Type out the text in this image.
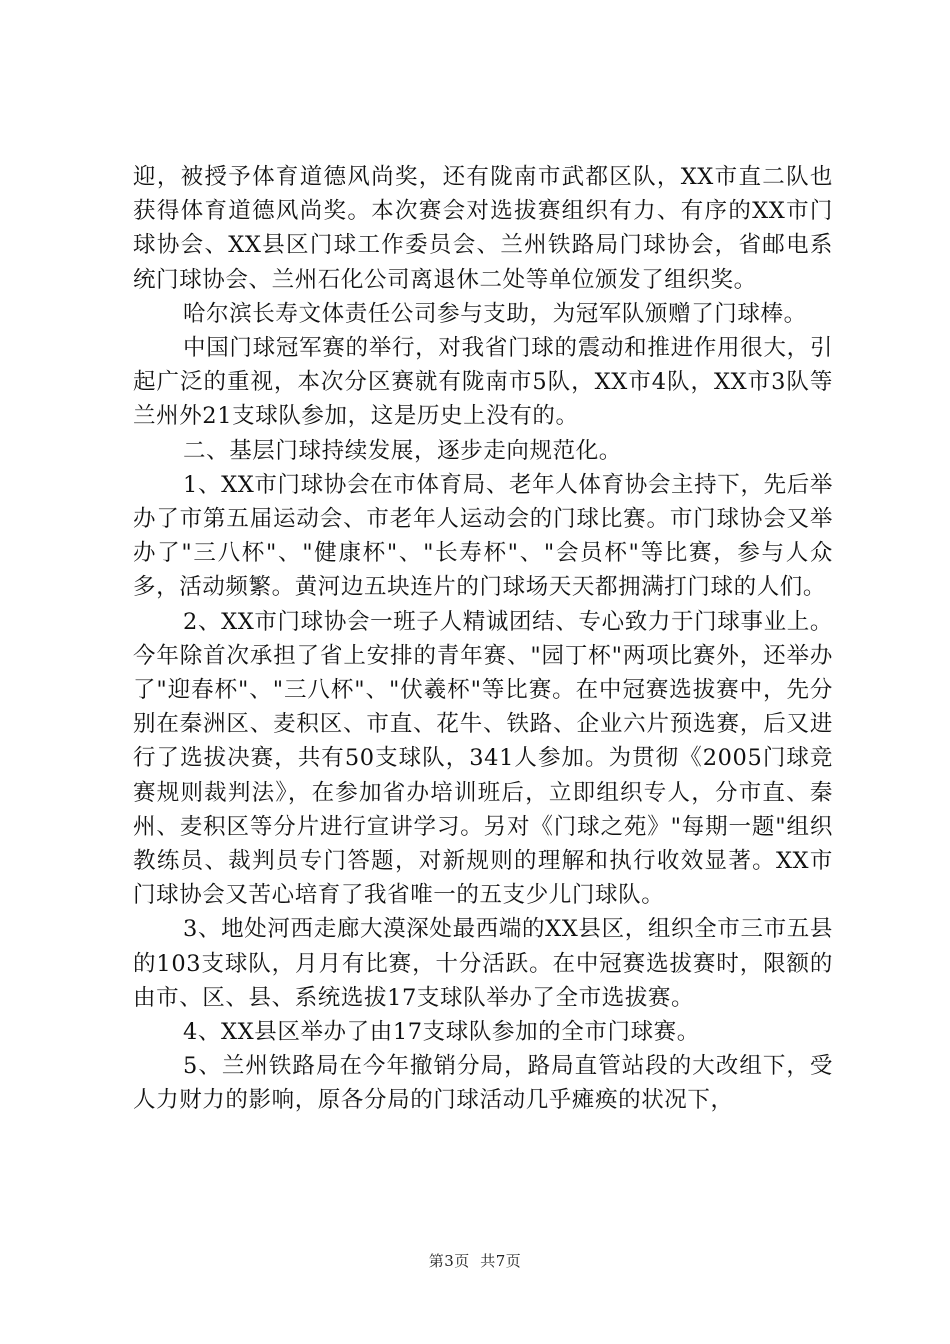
迎，被授予体育道德风尚奖，还有陇南市武都区队，XX市直二队也获得体育道德风尚奖。本次赛会对选拔赛组织有力、有序的XX市门球协会、XX县区门球工作委员会、兰州铁路局门球协会，省邮电系统门球协会、兰州石化公司离退休二处等单位颁发了组织奖。

哈尔滨长寿文体责任公司参与支助，为冠军队颁赠了门球棒。

中国门球冠军赛的举行，对我省门球的震动和推进作用很大，引起广泛的重视，本次分区赛就有陇南市5队，XX市4队，XX市3队等兰州外21支球队参加，这是历史上没有的。

二、基层门球持续发展，逐步走向规范化。

1、XX市门球协会在市体育局、老年人体育协会主持下，先后举办了市第五届运动会、市老年人运动会的门球比赛。市门球协会又举办了"三八杯"、"健康杯"、"长寿杯"、"会员杯"等比赛，参与人众多，活动频繁。黄河边五块连片的门球场天天都拥满打门球的人们。

2、XX市门球协会一班子人精诚团结、专心致力于门球事业上。今年除首次承担了省上安排的青年赛、"园丁杯"两项比赛外，还举办了"迎春杯"、"三八杯"、"伏羲杯"等比赛。在中冠赛选拔赛中，先分别在秦洲区、麦积区、市直、花牛、铁路、企业六片预选赛，后又进行了选拔决赛，共有50支球队，341人参加。为贯彻《2005门球竞赛规则裁判法》，在参加省办培训班后，立即组织专人，分市直、秦州、麦积区等分片进行宣讲学习。另对《门球之苑》"每期一题"组织教练员、裁判员专门答题，对新规则的理解和执行收效显著。XX市门球协会又苦心培育了我省唯一的五支少儿门球队。

3、地处河西走廊大漠深处最西端的XX县区，组织全市三市五县的103支球队，月月有比赛，十分活跃。在中冠赛选拔赛时，限额的由市、区、县、系统选拔17支球队举办了全市选拔赛。

4、XX县区举办了由17支球队参加的全市门球赛。

5、兰州铁路局在今年撤销分局，路局直管站段的大改组下，受人力财力的影响，原各分局的门球活动几乎瘫痪的状况下，

第3页  共7页
